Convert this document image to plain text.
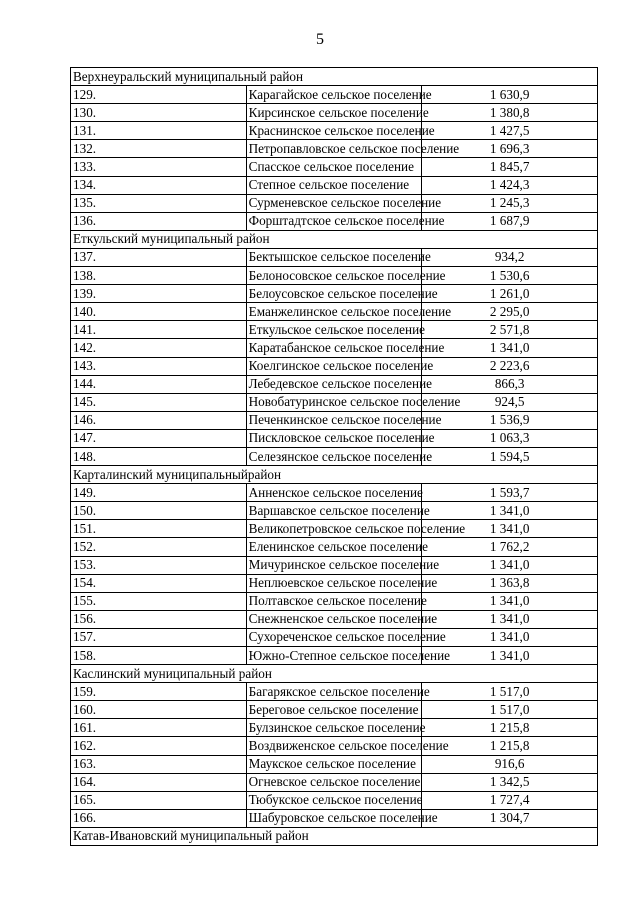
5
Верхнеуральский муниципальный район		
129.	Карагайское сельское поселение	1 630,9
130.	Кирсинское сельское поселение	1 380,8
131.	Краснинское сельское поселение	1 427,5
132.	Петропавловское сельское поселение	1 696,3
133.	Спасское сельское поселение	1 845,7
134.	Степное сельское поселение	1 424,3
135.	Сурменевское сельское поселение	1 245,3
136.	Форштадтское сельское поселение	1 687,9
Еткульский муниципальный район		
137.	Бектышское сельское поселение	934,2
138.	Белоносовское сельское поселение	1 530,6
139.	Белоусовское сельское поселение	1 261,0
140.	Еманжелинское сельское поселение	2 295,0
141.	Еткульское сельское поселение	2 571,8
142.	Каратабанское сельское поселение	1 341,0
143.	Коелгинское сельское поселение	2 223,6
144.	Лебедевское сельское поселение	866,3
145.	Новобатуринское сельское поселение	924,5
146.	Печенкинское сельское поселение	1 536,9
147.	Пискловское сельское поселение	1 063,3
148.	Селезянское сельское поселение	1 594,5
Карталинский муниципальныйрайон		
149.	Анненское сельское поселение	1 593,7
150.	Варшавское сельское поселение	1 341,0
151.	Великопетровское сельское поселение	1 341,0
152.	Еленинское сельское поселение	1 762,2
153.	Мичуринское сельское поселение	1 341,0
154.	Неплюевское сельское поселение	1 363,8
155.	Полтавское сельское поселение	1 341,0
156.	Снежненское сельское поселение	1 341,0
157.	Сухореченское сельское поселение	1 341,0
158.	Южно-Степное сельское поселение	1 341,0
Каслинский муниципальный район		
159.	Багарякское сельское поселение	1 517,0
160.	Береговое сельское поселение	1 517,0
161.	Булзинское сельское поселение	1 215,8
162.	Воздвиженское сельское поселение	1 215,8
163.	Маукское сельское поселение	916,6
164.	Огневское сельское поселение	1 342,5
165.	Тюбукское сельское поселение	1 727,4
166.	Шабуровское сельское поселение	1 304,7
Катав-Ивановский муниципальный район		
